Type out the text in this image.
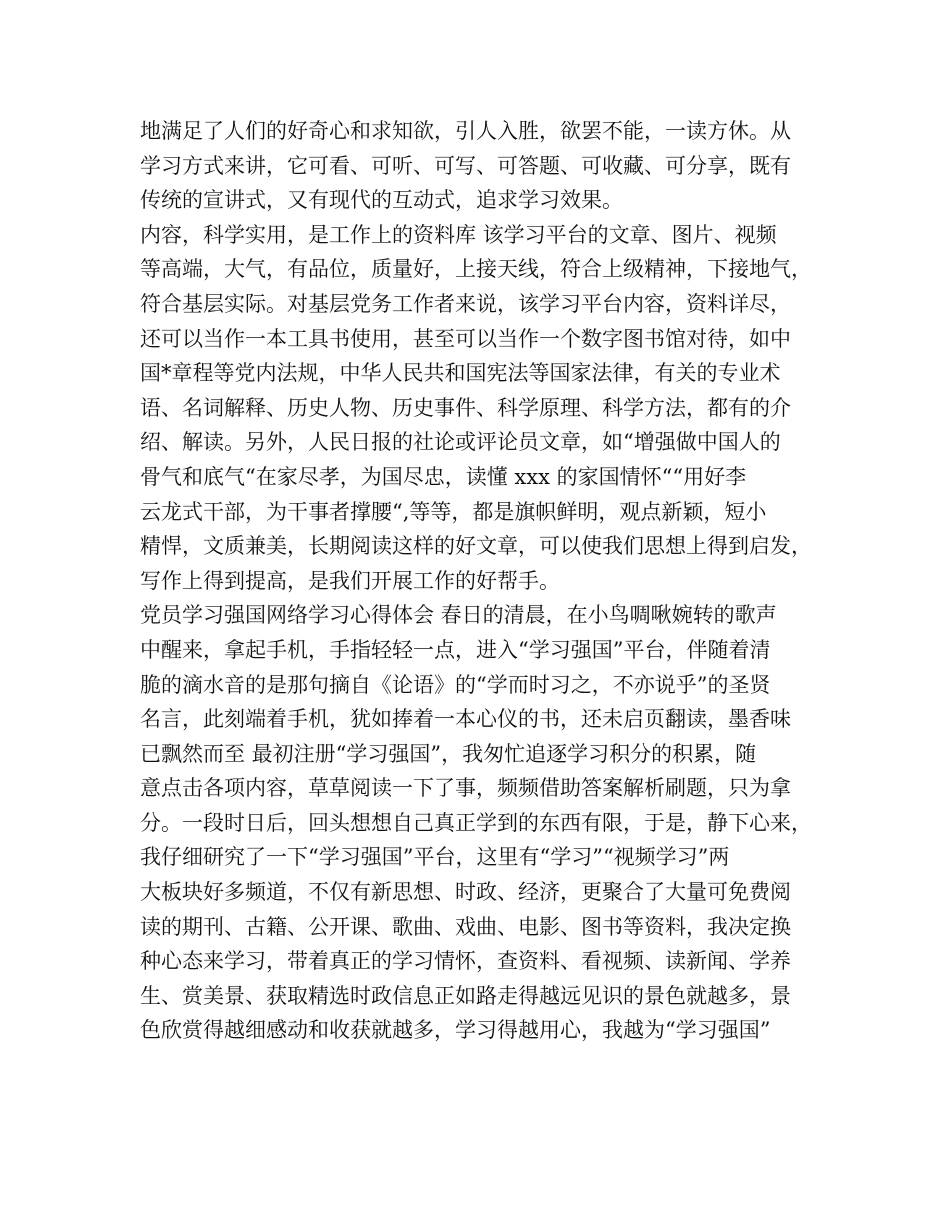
地满足了人们的好奇心和求知欲，引人入胜，欲罢不能，一读方休。从
学习方式来讲，它可看、可听、可写、可答题、可收藏、可分享，既有
传统的宣讲式，又有现代的互动式，追求学习效果。
内容，科学实用，是工作上的资料库 该学习平台的文章、图片、视频
等高端，大气，有品位，质量好，上接天线，符合上级精神，下接地气，
符合基层实际。对基层党务工作者来说，该学习平台内容，资料详尽，
还可以当作一本工具书使用，甚至可以当作一个数字图书馆对待，如中
国*章程等党内法规，中华人民共和国宪法等国家法律，有关的专业术
语、名词解释、历史人物、历史事件、科学原理、科学方法，都有的介
绍、解读。另外，人民日报的社论或评论员文章，如“增强做中国人的
骨气和底气“在家尽孝，为国尽忠，读懂 xxx 的家国情怀““用好李
云龙式干部，为干事者撑腰“,等等，都是旗帜鲜明，观点新颖，短小
精悍，文质兼美，长期阅读这样的好文章，可以使我们思想上得到启发，
写作上得到提高，是我们开展工作的好帮手。
党员学习强国网络学习心得体会 春日的清晨，在小鸟啁啾婉转的歌声
中醒来，拿起手机，手指轻轻一点，进入“学习强国”平台，伴随着清
脆的滴水音的是那句摘自《论语》的“学而时习之，不亦说乎”的圣贤
名言，此刻端着手机，犹如捧着一本心仪的书，还未启页翻读，墨香味
已飘然而至 最初注册“学习强国”，我匆忙追逐学习积分的积累，随
意点击各项内容，草草阅读一下了事，频频借助答案解析刷题，只为拿
分。一段时日后，回头想想自己真正学到的东西有限，于是，静下心来，
我仔细研究了一下“学习强国”平台，这里有“学习”“视频学习”两
大板块好多频道，不仅有新思想、时政、经济，更聚合了大量可免费阅
读的期刊、古籍、公开课、歌曲、戏曲、电影、图书等资料，我决定换
种心态来学习，带着真正的学习情怀，查资料、看视频、读新闻、学养
生、赏美景、获取精选时政信息正如路走得越远见识的景色就越多，景
色欣赏得越细感动和收获就越多，学习得越用心，我越为“学习强国”
